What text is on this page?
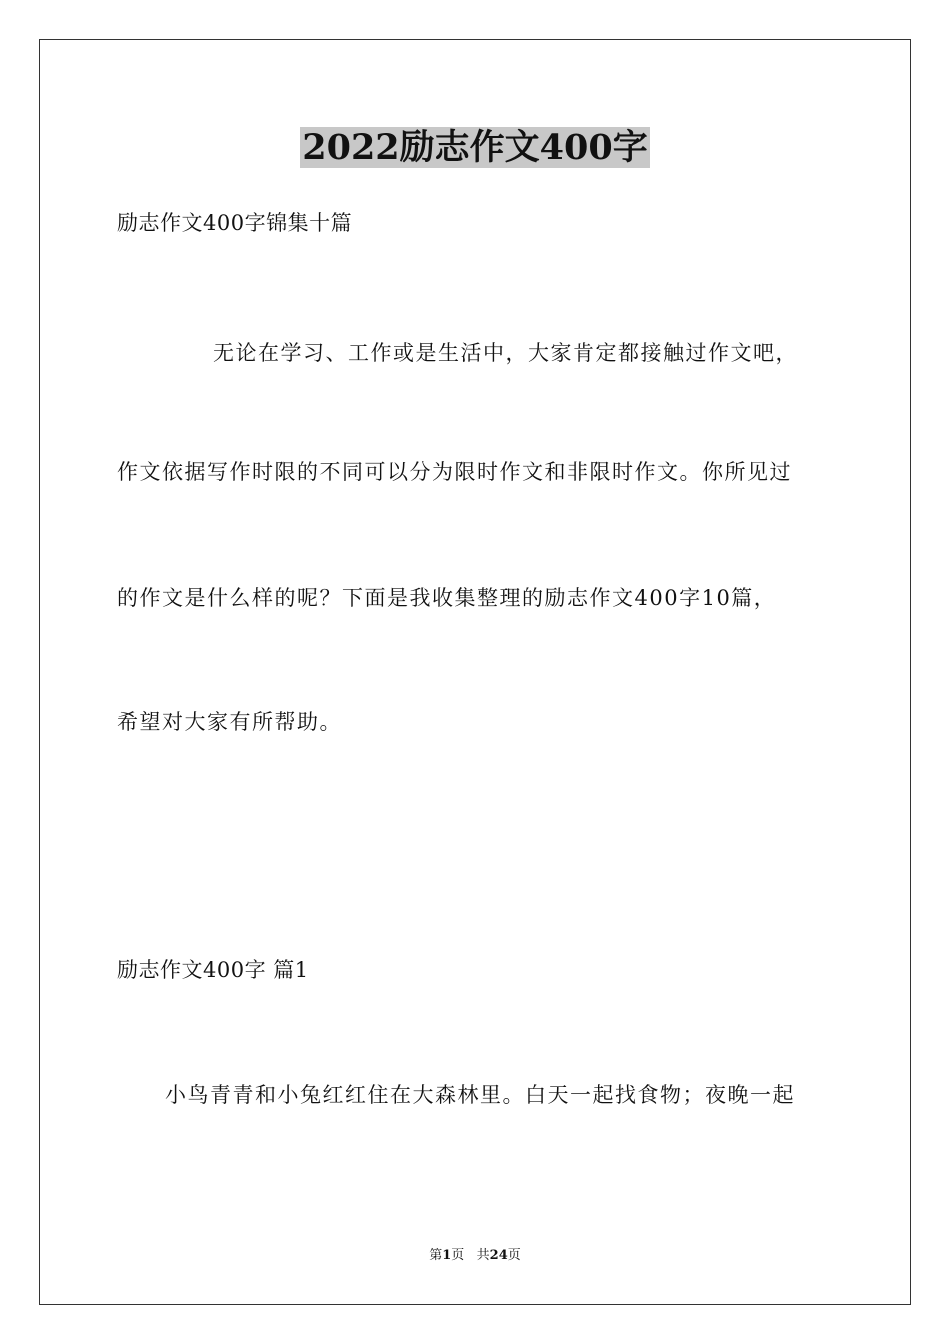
2022励志作文400字
励志作文400字锦集十篇
无论在学习、工作或是生活中，大家肯定都接触过作文吧，
作文依据写作时限的不同可以分为限时作文和非限时作文。你所见过
的作文是什么样的呢？下面是我收集整理的励志作文400字10篇，
希望对大家有所帮助。
励志作文400字 篇1
小鸟青青和小兔红红住在大森林里。白天一起找食物；夜晚一起
第1页   共24页
